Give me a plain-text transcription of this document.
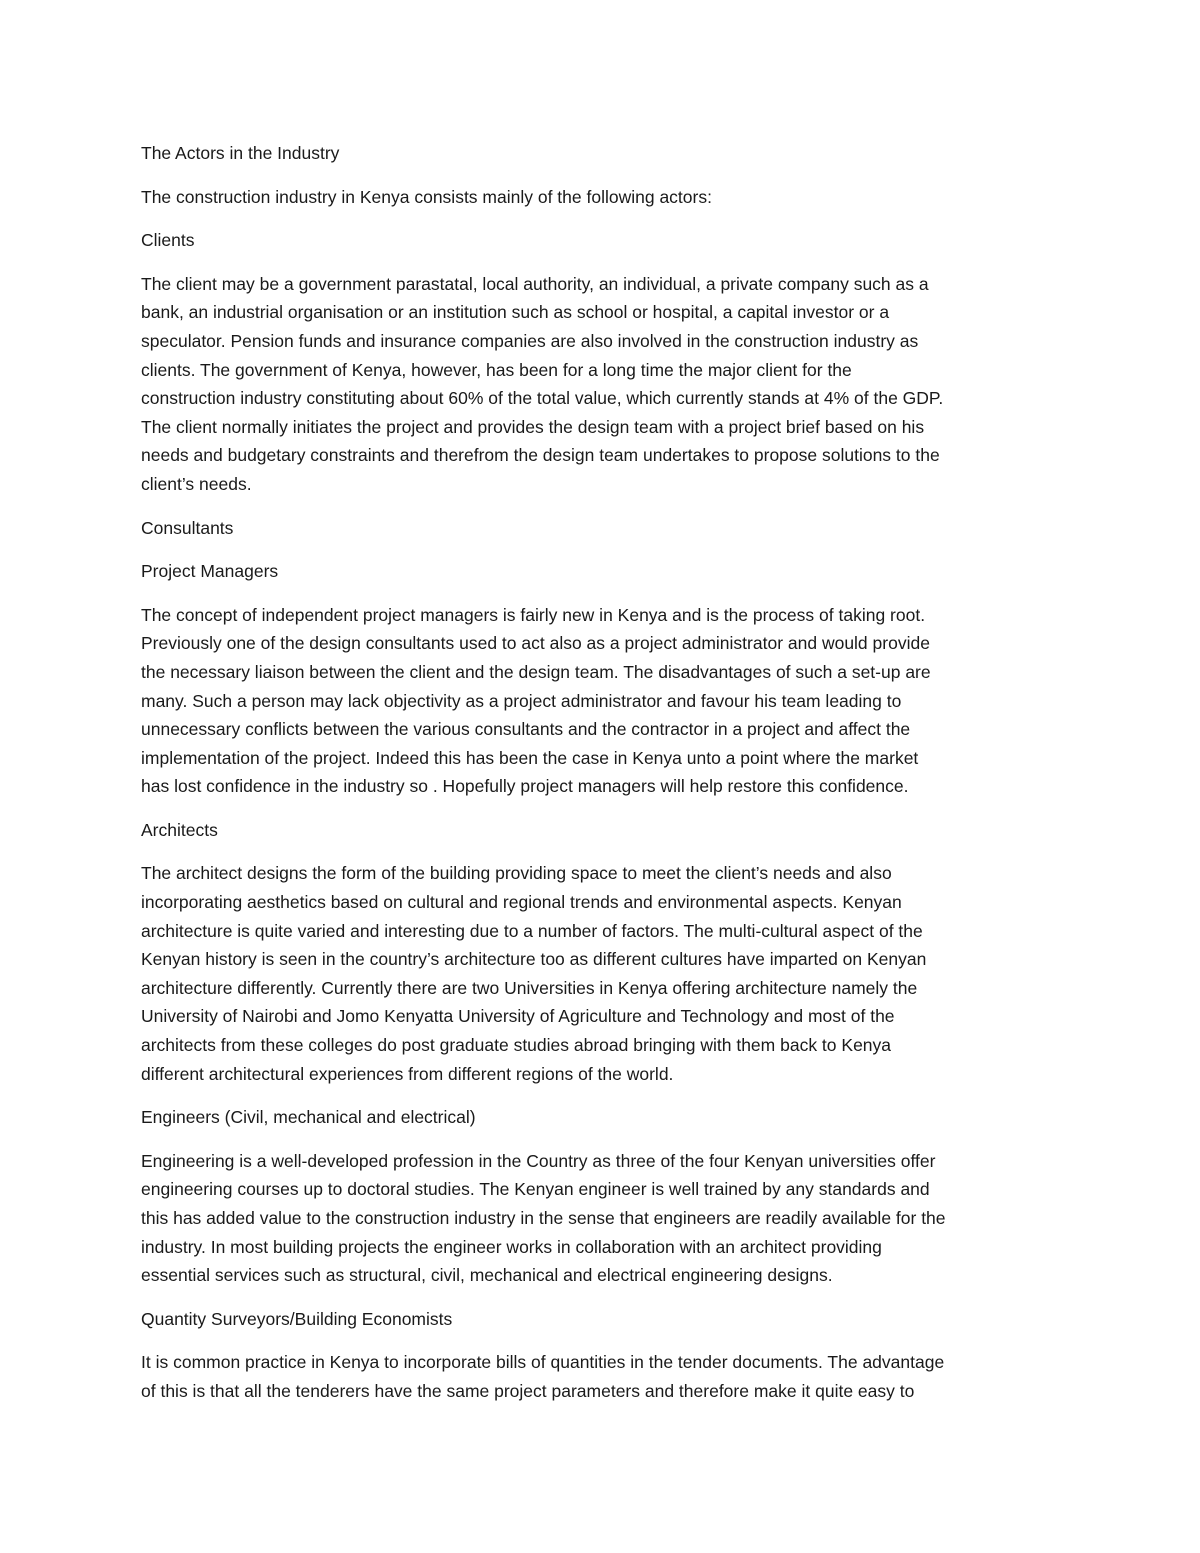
The Actors in the Industry
The construction industry in Kenya consists mainly of the following actors:
Clients
The client may be a government parastatal, local authority, an individual, a private company such as a
bank, an industrial organisation or an institution such as school or hospital, a capital investor or a
speculator. Pension funds and insurance companies are also involved in the construction industry as
clients. The government of Kenya, however, has been for a long time the major client for the
construction industry constituting about 60% of the total value, which currently stands at 4% of the GDP.
The client normally initiates the project and provides the design team with a project brief based on his
needs and budgetary constraints and therefrom the design team undertakes to propose solutions to the
client’s needs.
Consultants
Project Managers
The concept of independent project managers is fairly new in Kenya and is the process of taking root.
Previously one of the design consultants used to act also as a project administrator and would provide
the necessary liaison between the client and the design team. The disadvantages of such a set-up are
many. Such a person may lack objectivity as a project administrator and favour his team leading to
unnecessary conflicts between the various consultants and the contractor in a project and affect the
implementation of the project. Indeed this has been the case in Kenya unto a point where the market
has lost confidence in the industry so . Hopefully project managers will help restore this confidence.
Architects
The architect designs the form of the building providing space to meet the client’s needs and also
incorporating aesthetics based on cultural and regional trends and environmental aspects. Kenyan
architecture is quite varied and interesting due to a number of factors. The multi-cultural aspect of the
Kenyan history is seen in the country’s architecture too as different cultures have imparted on Kenyan
architecture differently. Currently there are two Universities in Kenya offering architecture namely the
University of Nairobi and Jomo Kenyatta University of Agriculture and Technology and most of the
architects from these colleges do post graduate studies abroad bringing with them back to Kenya
different architectural experiences from different regions of the world.
Engineers (Civil, mechanical and electrical)
Engineering is a well-developed profession in the Country as three of the four Kenyan universities offer
engineering courses up to doctoral studies. The Kenyan engineer is well trained by any standards and
this has added value to the construction industry in the sense that engineers are readily available for the
industry. In most building projects the engineer works in collaboration with an architect providing
essential services such as structural, civil, mechanical and electrical engineering designs.
Quantity Surveyors/Building Economists
It is common practice in Kenya to incorporate bills of quantities in the tender documents. The advantage
of this is that all the tenderers have the same project parameters and therefore make it quite easy to
